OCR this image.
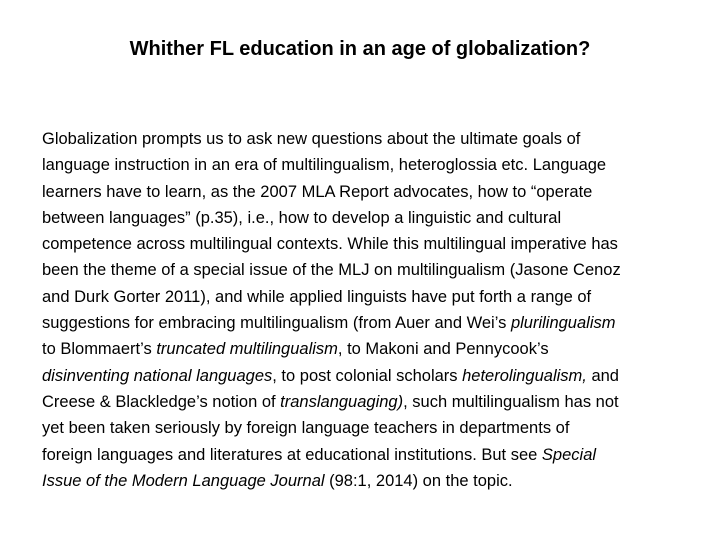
Whither FL education in an age of globalization?
Globalization prompts us to ask new questions about the ultimate goals of
language instruction in an era of multilingualism, heteroglossia etc. Language
learners have to learn, as the 2007 MLA Report advocates, how to “operate
between languages” (p.35), i.e., how to develop a linguistic and cultural
competence across multilingual contexts. While this multilingual imperative has
been the theme of a special issue of the MLJ on multilingualism (Jasone Cenoz
and Durk Gorter 2011), and while applied linguists have put forth a range of
suggestions for embracing multilingualism (from Auer and Wei’s plurilingualism
to Blommaert’s truncated multilingualism, to Makoni and Pennycook’s
disinventing national languages, to post colonial scholars heterolingualism, and
Creese & Blackledge’s notion of translanguaging), such multilingualism has not
yet been taken seriously by foreign language teachers in departments of
foreign languages and literatures at educational institutions. But see Special
Issue of the Modern Language Journal (98:1, 2014) on the topic.
